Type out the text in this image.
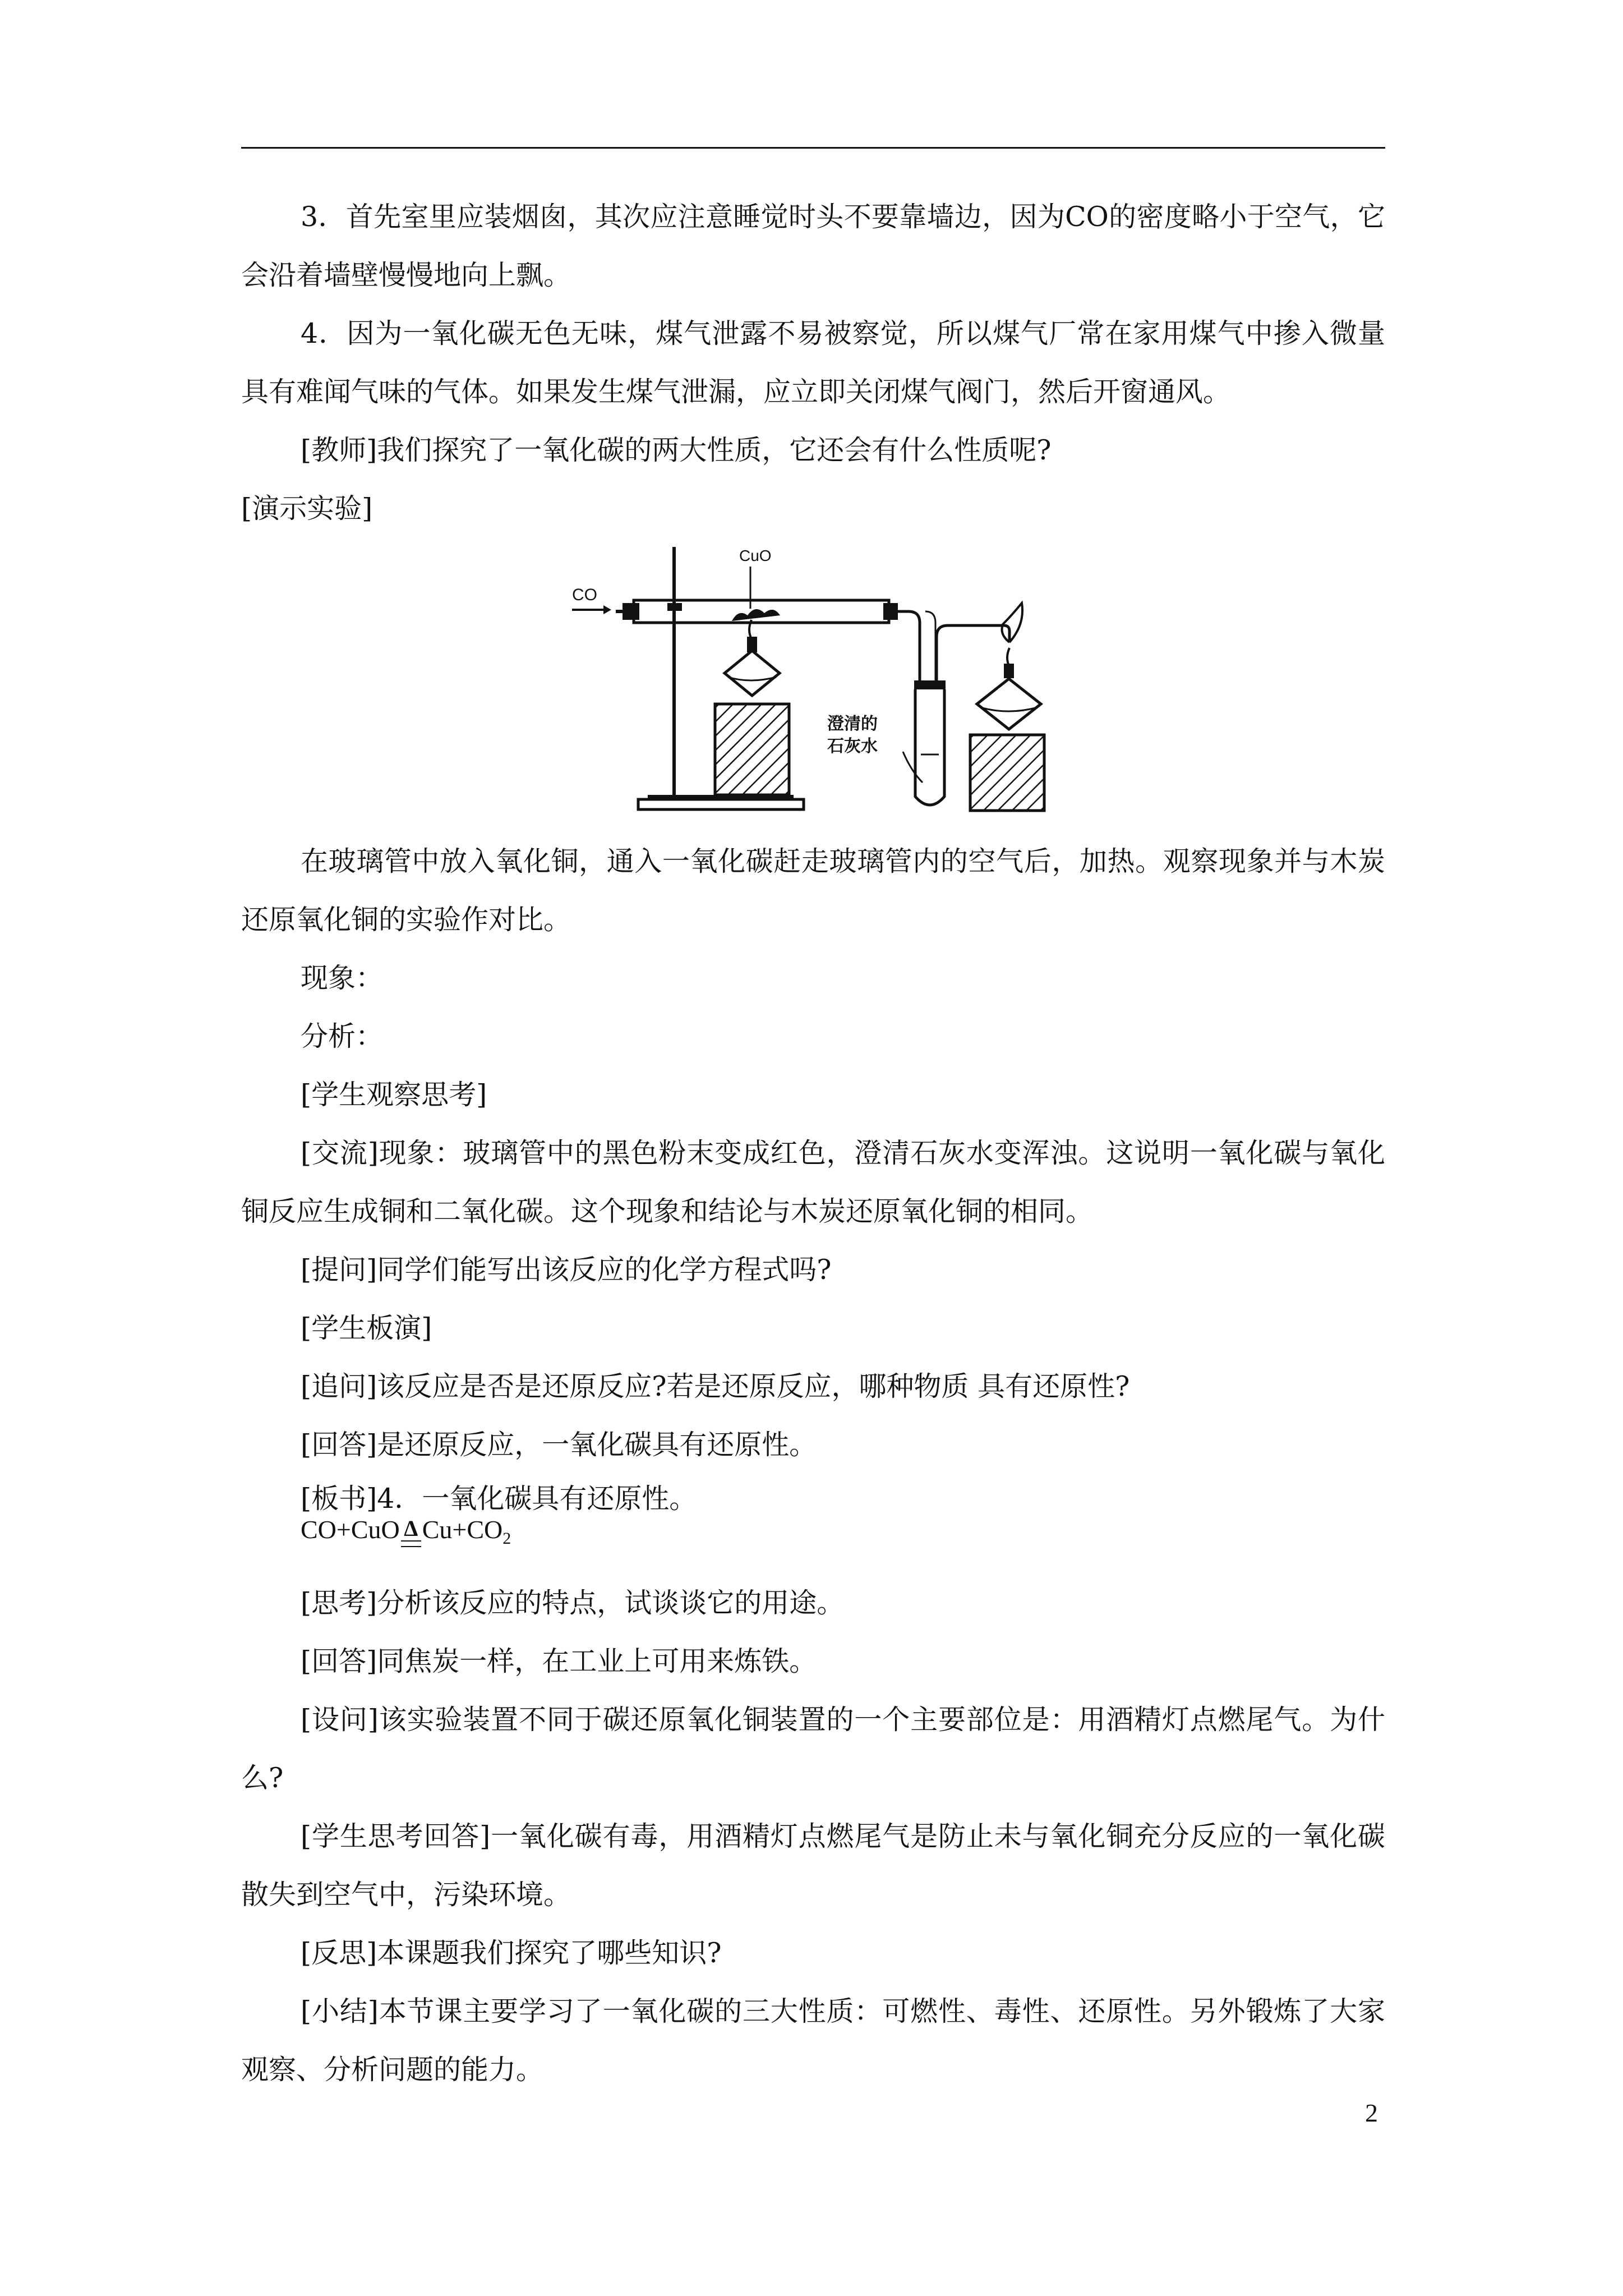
3．首先室里应装烟囱，其次应注意睡觉时头不要靠墙边，因为CO的密度略小于空气，它会沿着墙壁慢慢地向上飘。

4．因为一氧化碳无色无味，煤气泄露不易被察觉，所以煤气厂常在家用煤气中掺入微量具有难闻气味的气体。如果发生煤气泄漏，应立即关闭煤气阀门，然后开窗通风。

[教师]我们探究了一氧化碳的两大性质，它还会有什么性质呢?

[演示实验]

CO
CuO
澄清的
石灰水

在玻璃管中放入氧化铜，通入一氧化碳赶走玻璃管内的空气后，加热。观察现象并与木炭还原氧化铜的实验作对比。

现象：

分析：

[学生观察思考]

[交流]现象：玻璃管中的黑色粉末变成红色，澄清石灰水变浑浊。这说明一氧化碳与氧化铜反应生成铜和二氧化碳。这个现象和结论与木炭还原氧化铜的相同。

[提问]同学们能写出该反应的化学方程式吗?

[学生板演]

[追问]该反应是否是还原反应?若是还原反应，哪种物质 具有还原性?

[回答]是还原反应，一氧化碳具有还原性。

[板书]4．一氧化碳具有还原性。

CO+CuO Δ $Cu+CO_2$

[思考]分析该反应的特点，试谈谈它的用途。

[回答]同焦炭一样，在工业上可用来炼铁。

[设问]该实验装置不同于碳还原氧化铜装置的一个主要部位是：用酒精灯点燃尾气。为什么?

[学生思考回答]一氧化碳有毒，用酒精灯点燃尾气是防止未与氧化铜充分反应的一氧化碳散失到空气中，污染环境。

[反思]本课题我们探究了哪些知识?

[小结]本节课主要学习了一氧化碳的三大性质：可燃性、毒性、还原性。另外锻炼了大家观察、分析问题的能力。

2
